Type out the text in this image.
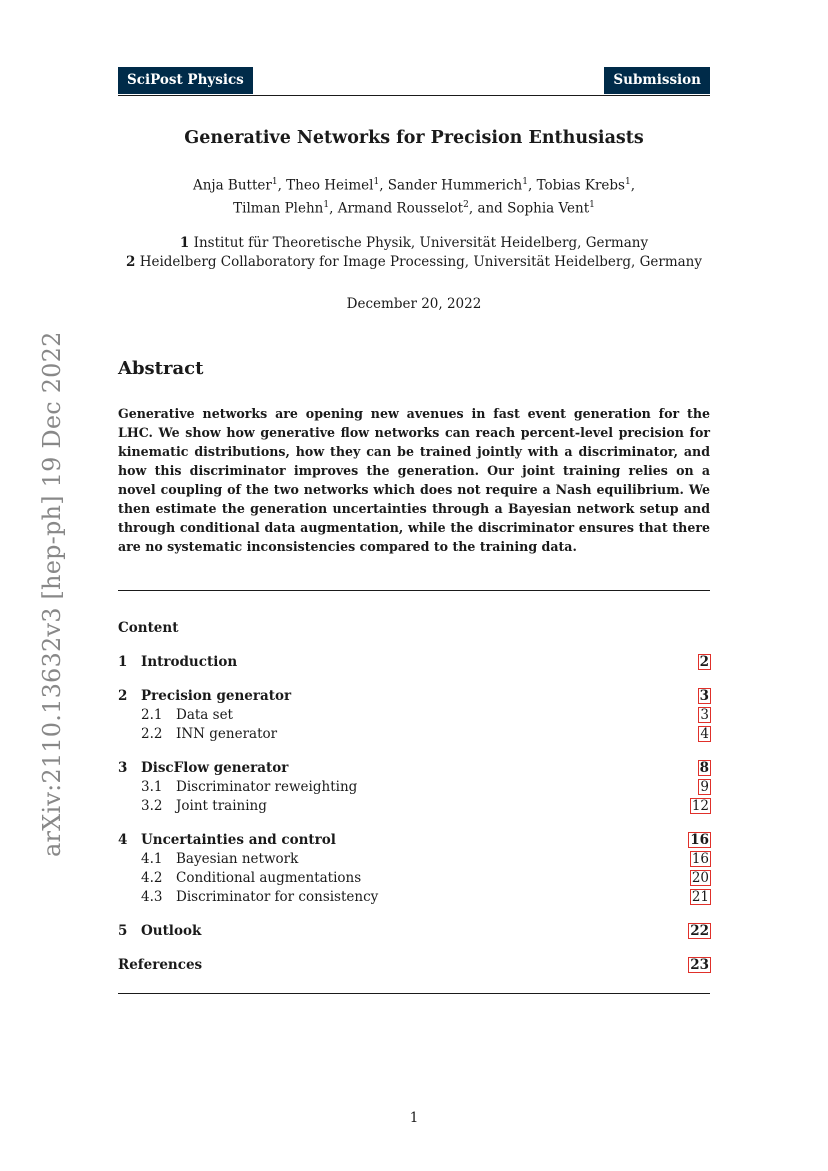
SciPost Physics	Submission
arXiv:2110.13632v3 [hep-ph] 19 Dec 2022
Generative Networks for Precision Enthusiasts
Anja Butter$^1$, Theo Heimel$^1$, Sander Hummerich$^1$, Tobias Krebs$^1$,
Tilman Plehn$^1$, Armand Rousselot$^2$, and Sophia Vent$^1$
1 Institut für Theoretische Physik, Universität Heidelberg, Germany
2 Heidelberg Collaboratory for Image Processing, Universität Heidelberg, Germany
December 20, 2022
Abstract
Generative networks are opening new avenues in fast event generation for the LHC. We show how generative flow networks can reach percent-level precision for kinematic distributions, how they can be trained jointly with a discriminator, and how this discriminator improves the generation. Our joint training relies on a novel coupling of the two networks which does not require a Nash equilibrium. We then estimate the generation uncertainties through a Bayesian network setup and through conditional data augmentation, while the discriminator ensures that there are no systematic inconsistencies compared to the training data.
Content
1 Introduction	2
2 Precision generator	3
2.1 Data set	3
2.2 INN generator	4
3 DiscFlow generator	8
3.1 Discriminator reweighting	9
3.2 Joint training	12
4 Uncertainties and control	16
4.1 Bayesian network	16
4.2 Conditional augmentations	20
4.3 Discriminator for consistency	21
5 Outlook	22
References	23
1
